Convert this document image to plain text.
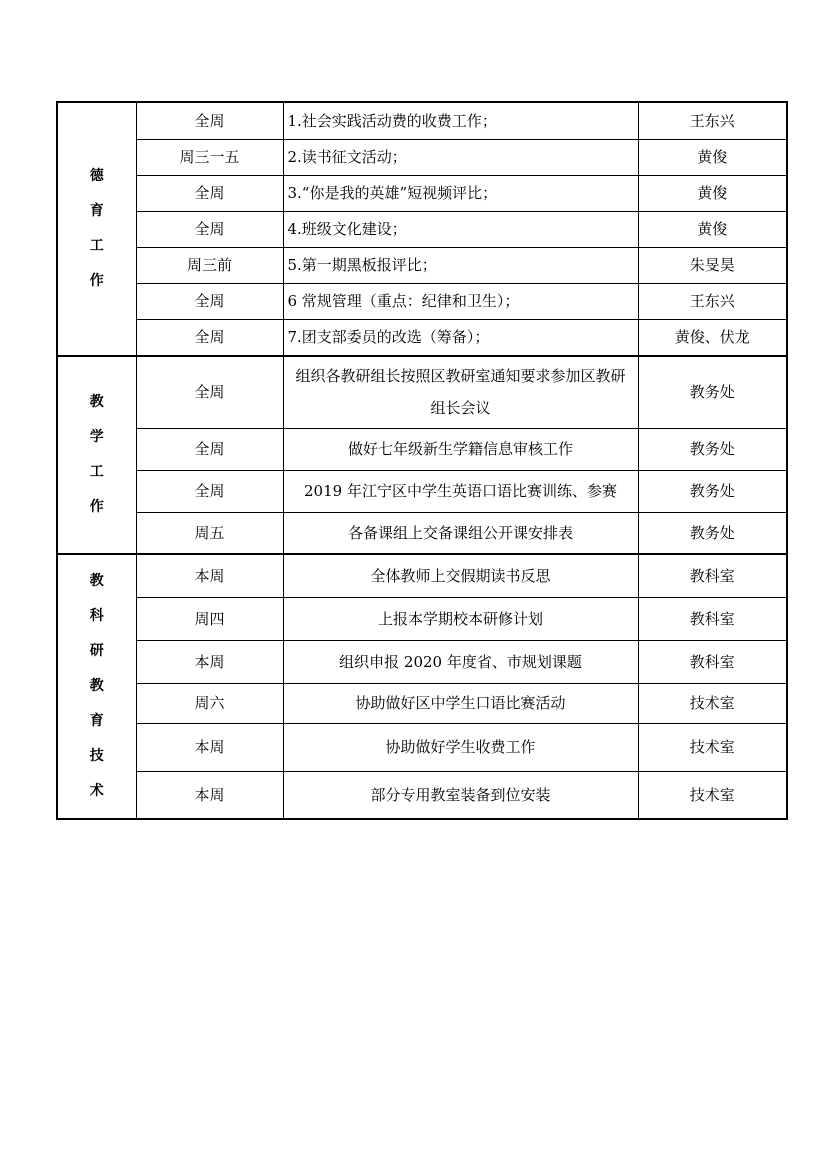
德育工作	全周	1.社会实践活动费的收费工作；	王东兴
	周三一五	2.读书征文活动；	黄俊
	全周	3.“你是我的英雄”短视频评比；	黄俊
	全周	4.班级文化建设；	黄俊
	周三前	5.第一期黑板报评比；	朱旻昊
	全周	6 常规管理（重点：纪律和卫生）；	王东兴
	全周	7.团支部委员的改选（筹备）；	黄俊、伏龙
教学工作	全周	组织各教研组长按照区教研室通知要求参加区教研组长会议	教务处
	全周	做好七年级新生学籍信息审核工作	教务处
	全周	2019 年江宁区中学生英语口语比赛训练、参赛	教务处
	周五	各备课组上交备课组公开课安排表	教务处
教科研教育技术	本周	全体教师上交假期读书反思	教科室
	周四	上报本学期校本研修计划	教科室
	本周	组织申报 2020 年度省、市规划课题	教科室
	周六	协助做好区中学生口语比赛活动	技术室
	本周	协助做好学生收费工作	技术室
	本周	部分专用教室装备到位安装	技术室
